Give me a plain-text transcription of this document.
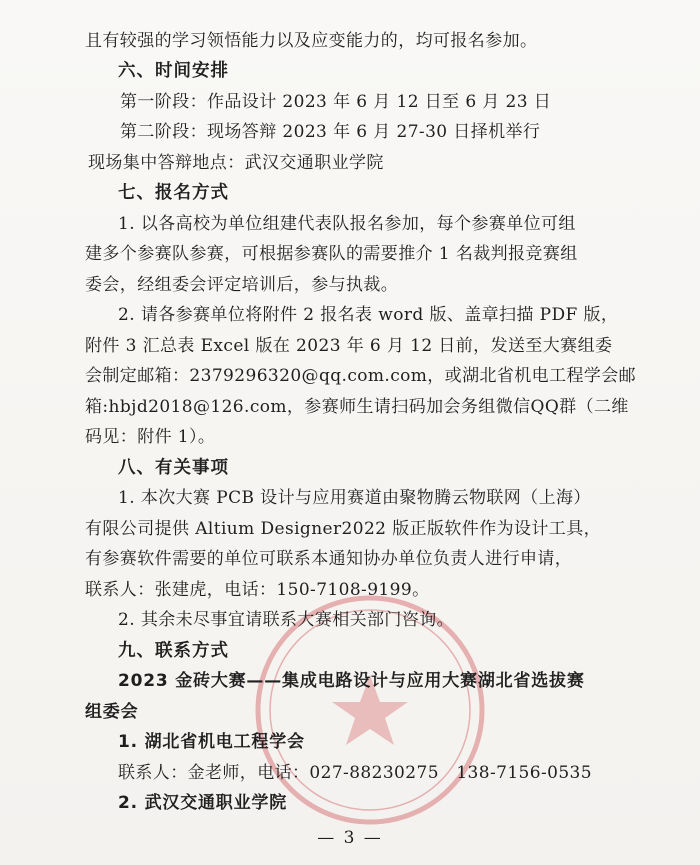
且有较强的学习领悟能力以及应变能力的，均可报名参加。
六、时间安排
第一阶段：作品设计 2023 年 6 月 12 日至 6 月 23 日
第二阶段：现场答辩 2023 年 6 月 27-30 日择机举行
现场集中答辩地点：武汉交通职业学院
七、报名方式
1. 以各高校为单位组建代表队报名参加，每个参赛单位可组
建多个参赛队参赛，可根据参赛队的需要推介 1 名裁判报竞赛组
委会，经组委会评定培训后，参与执裁。
2. 请各参赛单位将附件 2 报名表 word 版、盖章扫描 PDF 版，
附件 3 汇总表 Excel 版在 2023 年 6 月 12 日前，发送至大赛组委
会制定邮箱：2379296320@qq.com.com，或湖北省机电工程学会邮
箱:hbjd2018@126.com，参赛师生请扫码加会务组微信QQ群（二维
码见：附件 1）。
八、有关事项
1. 本次大赛 PCB 设计与应用赛道由聚物腾云物联网（上海）
有限公司提供 Altium Designer2022 版正版软件作为设计工具，
有参赛软件需要的单位可联系本通知协办单位负责人进行申请，
联系人：张建虎，电话：150-7108-9199。
2. 其余未尽事宜请联系大赛相关部门咨询。
九、联系方式
2023 金砖大赛——集成电路设计与应用大赛湖北省选拔赛
组委会
1. 湖北省机电工程学会
联系人：金老师，电话：027-88230275　138-7156-0535
2. 武汉交通职业学院
— 3 —
